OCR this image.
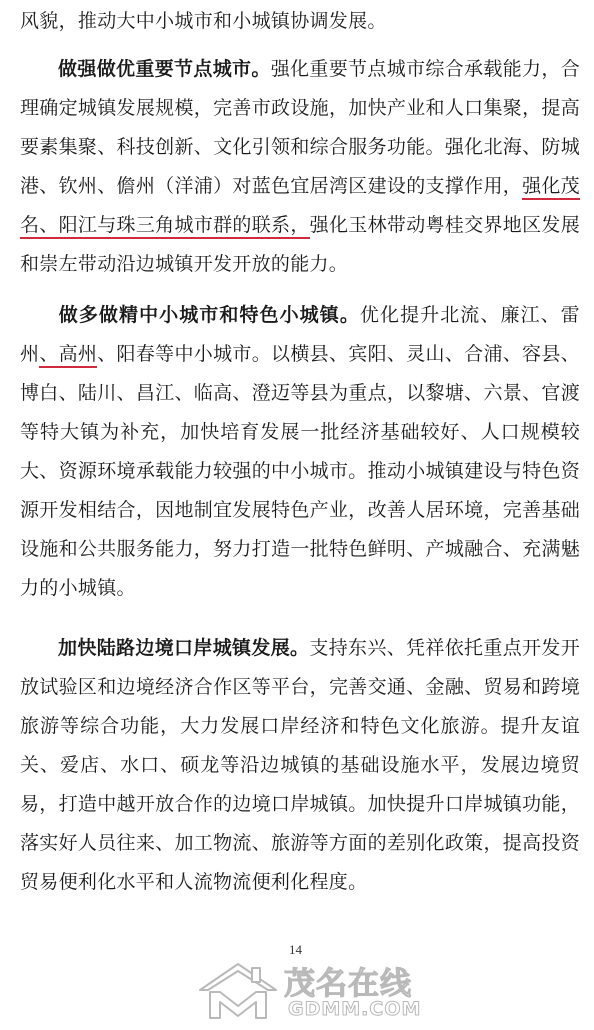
风貌，推动大中小城市和小城镇协调发展。

做强做优重要节点城市。强化重要节点城市综合承载能力，合理确定城镇发展规模，完善市政设施，加快产业和人口集聚，提高要素集聚、科技创新、文化引领和综合服务功能。强化北海、防城港、钦州、儋州（洋浦）对蓝色宜居湾区建设的支撑作用，强化茂名、阳江与珠三角城市群的联系，强化玉林带动粤桂交界地区发展和崇左带动沿边城镇开发开放的能力。

做多做精中小城市和特色小城镇。优化提升北流、廉江、雷州、高州、阳春等中小城市。以横县、宾阳、灵山、合浦、容县、博白、陆川、昌江、临高、澄迈等县为重点，以黎塘、六景、官渡等特大镇为补充，加快培育发展一批经济基础较好、人口规模较大、资源环境承载能力较强的中小城市。推动小城镇建设与特色资源开发相结合，因地制宜发展特色产业，改善人居环境，完善基础设施和公共服务能力，努力打造一批特色鲜明、产城融合、充满魅力的小城镇。

加快陆路边境口岸城镇发展。支持东兴、凭祥依托重点开发开放试验区和边境经济合作区等平台，完善交通、金融、贸易和跨境旅游等综合功能，大力发展口岸经济和特色文化旅游。提升友谊关、爱店、水口、硕龙等沿边城镇的基础设施水平，发展边境贸易，打造中越开放合作的边境口岸城镇。加快提升口岸城镇功能，落实好人员往来、加工物流、旅游等方面的差别化政策，提高投资贸易便利化水平和人流物流便利化程度。

14
茂名在线
GDMM.COM
